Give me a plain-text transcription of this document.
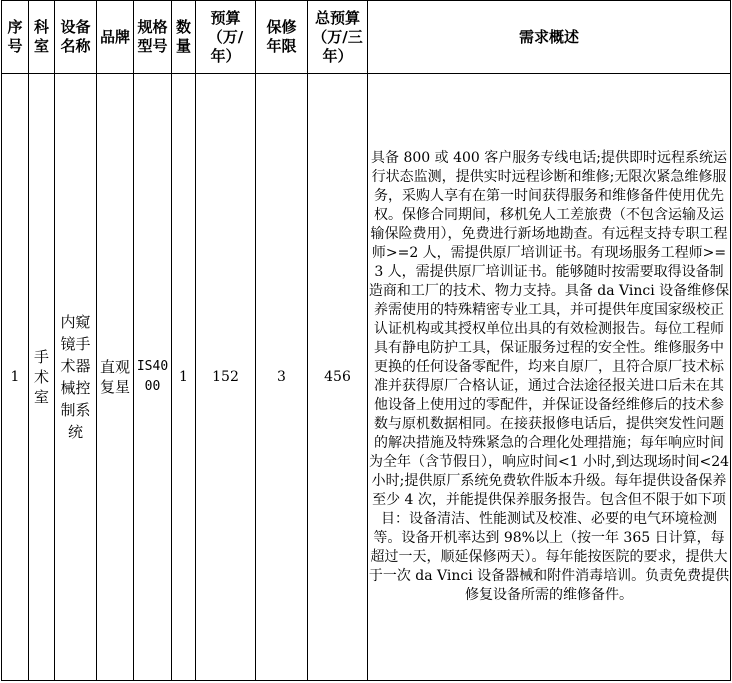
序号	科室	设备名称	品牌	规格型号	数量	预算（万/年）	保修年限	总预算（万/三年）	需求概述
1	手术室	内窥镜手术器械控制系统	直观复星	IS4000	1	152	3	456	具备 800 或 400 客户服务专线电话;提供即时远程系统运行状态监测，提供实时远程诊断和维修;无限次紧急维修服务，采购人享有在第一时间获得服务和维修备件使用优先权。保修合同期间，移机免人工差旅费（不包含运输及运输保险费用），免费进行新场地勘查。有远程支持专职工程师>=2 人，需提供原厂培训证书。有现场服务工程师>=3 人，需提供原厂培训证书。能够随时按需要取得设备制造商和工厂的技术、物力支持。具备 da Vinci 设备维修保养需使用的特殊精密专业工具，并可提供年度国家级校正认证机构或其授权单位出具的有效检测报告。每位工程师具有静电防护工具，保证服务过程的安全性。维修服务中更换的任何设备零配件，均来自原厂，且符合原厂技术标准并获得原厂合格认证，通过合法途径报关进口后未在其他设备上使用过的零配件，并保证设备经维修后的技术参数与原机数据相同。在接获报修电话后，提供突发性问题的解决措施及特殊紧急的合理化处理措施；每年响应时间为全年（含节假日），响应时间<1 小时,到达现场时间<24 小时;提供原厂系统免费软件版本升级。每年提供设备保养至少 4 次，并能提供保养服务报告。包含但不限于如下项目：设备清洁、性能测试及校准、必要的电气环境检测等。设备开机率达到 98%以上（按一年 365 日计算，每超过一天，顺延保修两天）。每年能按医院的要求，提供大于一次 da Vinci 设备器械和附件消毒培训。负责免费提供修复设备所需的维修备件。
